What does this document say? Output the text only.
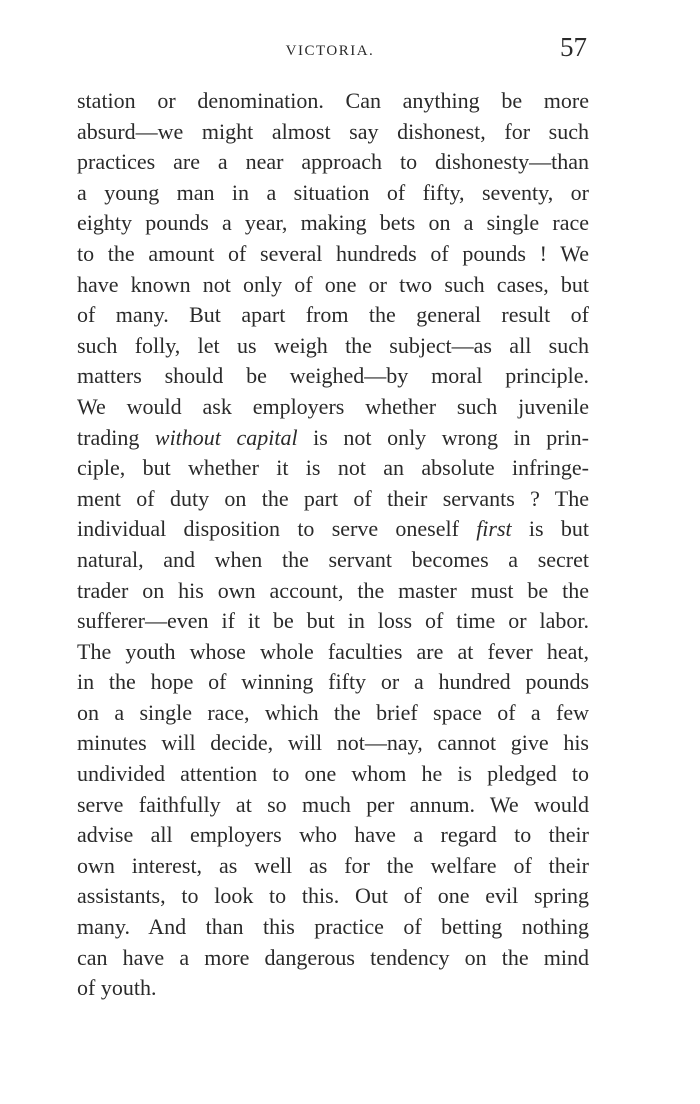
VICTORIA.	57

station or denomination. Can anything be more
absurd—we might almost say dishonest, for such
practices are a near approach to dishonesty—than
a young man in a situation of fifty, seventy, or
eighty pounds a year, making bets on a single race
to the amount of several hundreds of pounds ! We
have known not only of one or two such cases, but
of many. But apart from the general result of
such folly, let us weigh the subject—as all such
matters should be weighed—by moral principle.
We would ask employers whether such juvenile
trading without capital is not only wrong in prin-
ciple, but whether it is not an absolute infringe-
ment of duty on the part of their servants ? The
individual disposition to serve oneself first is but
natural, and when the servant becomes a secret
trader on his own account, the master must be the
sufferer—even if it be but in loss of time or labor.
The youth whose whole faculties are at fever heat,
in the hope of winning fifty or a hundred pounds
on a single race, which the brief space of a few
minutes will decide, will not—nay, cannot give his
undivided attention to one whom he is pledged to
serve faithfully at so much per annum. We would
advise all employers who have a regard to their
own interest, as well as for the welfare of their
assistants, to look to this. Out of one evil spring
many. And than this practice of betting nothing
can have a more dangerous tendency on the mind
of youth.
